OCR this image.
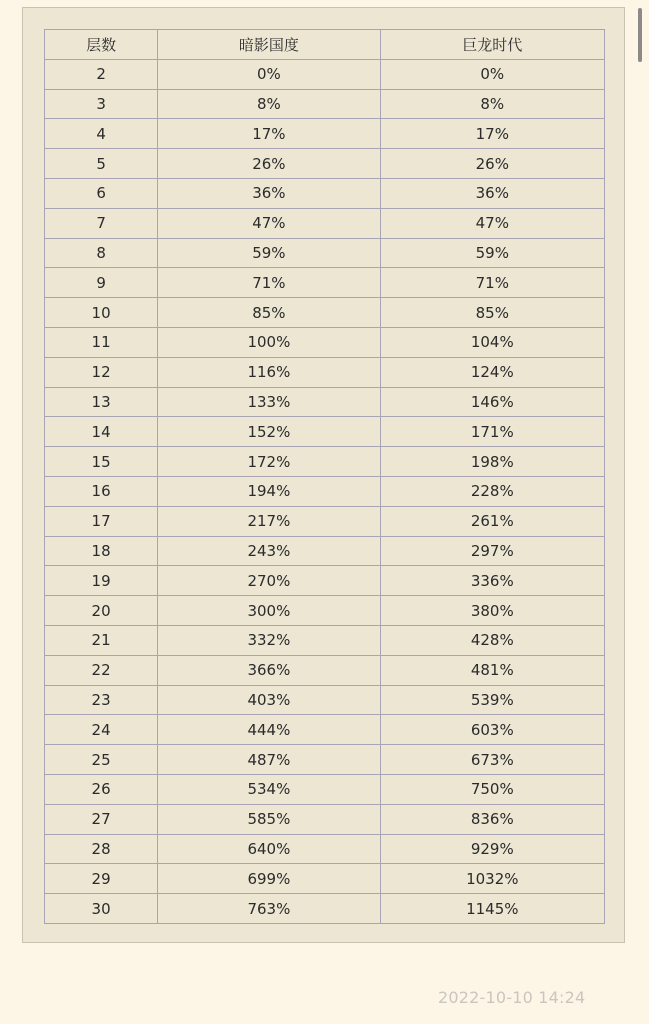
层数	暗影国度	巨龙时代
2	0%	0%
3	8%	8%
4	17%	17%
5	26%	26%
6	36%	36%
7	47%	47%
8	59%	59%
9	71%	71%
10	85%	85%
11	100%	104%
12	116%	124%
13	133%	146%
14	152%	171%
15	172%	198%
16	194%	228%
17	217%	261%
18	243%	297%
19	270%	336%
20	300%	380%
21	332%	428%
22	366%	481%
23	403%	539%
24	444%	603%
25	487%	673%
26	534%	750%
27	585%	836%
28	640%	929%
29	699%	1032%
30	763%	1145%
2022-10-10 14:24
